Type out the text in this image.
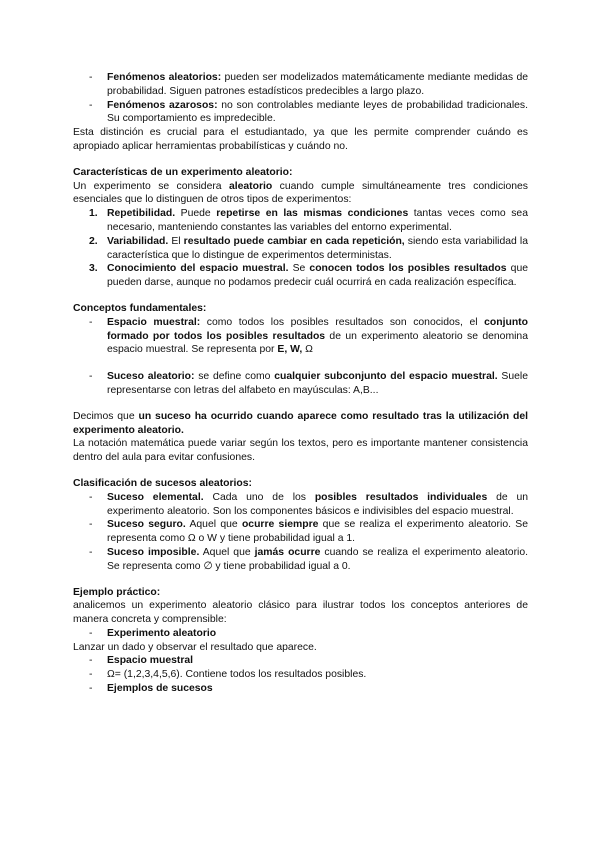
- Fenómenos aleatorios: pueden ser modelizados matemáticamente mediante medidas de probabilidad. Siguen patrones estadísticos predecibles a largo plazo.
- Fenómenos azarosos: no son controlables mediante leyes de probabilidad tradicionales. Su comportamiento es impredecible.

Esta distinción es crucial para el estudiantado, ya que les permite comprender cuándo es apropiado aplicar herramientas probabilísticas y cuándo no.

Características de un experimento aleatorio:

Un experimento se considera aleatorio cuando cumple simultáneamente tres condiciones esenciales que lo distinguen de otros tipos de experimentos:

1. Repetibilidad. Puede repetirse en las mismas condiciones tantas veces como sea necesario, manteniendo constantes las variables del entorno experimental.
2. Variabilidad. El resultado puede cambiar en cada repetición, siendo esta variabilidad la característica que lo distingue de experimentos deterministas.
3. Conocimiento del espacio muestral. Se conocen todos los posibles resultados que pueden darse, aunque no podamos predecir cuál ocurrirá en cada realización específica.

Conceptos fundamentales:

- Espacio muestral: como todos los posibles resultados son conocidos, el conjunto formado por todos los posibles resultados de un experimento aleatorio se denomina espacio muestral. Se representa por E, W, Ω
- Suceso aleatorio: se define como cualquier subconjunto del espacio muestral. Suele representarse con letras del alfabeto en mayúsculas: A,B...

Decimos que un suceso ha ocurrido cuando aparece como resultado tras la utilización del experimento aleatorio.

La notación matemática puede variar según los textos, pero es importante mantener consistencia dentro del aula para evitar confusiones.

Clasificación de sucesos aleatorios:

- Suceso elemental. Cada uno de los posibles resultados individuales de un experimento aleatorio. Son los componentes básicos e indivisibles del espacio muestral.
- Suceso seguro. Aquel que ocurre siempre que se realiza el experimento aleatorio. Se representa como Ω o W y tiene probabilidad igual a 1.
- Suceso imposible. Aquel que jamás ocurre cuando se realiza el experimento aleatorio. Se representa como ∅ y tiene probabilidad igual a 0.

Ejemplo práctico:

analicemos un experimento aleatorio clásico para ilustrar todos los conceptos anteriores de manera concreta y comprensible:

- Experimento aleatorio

Lanzar un dado y observar el resultado que aparece.

- Espacio muestral
- Ω= (1,2,3,4,5,6). Contiene todos los resultados posibles.
- Ejemplos de sucesos
